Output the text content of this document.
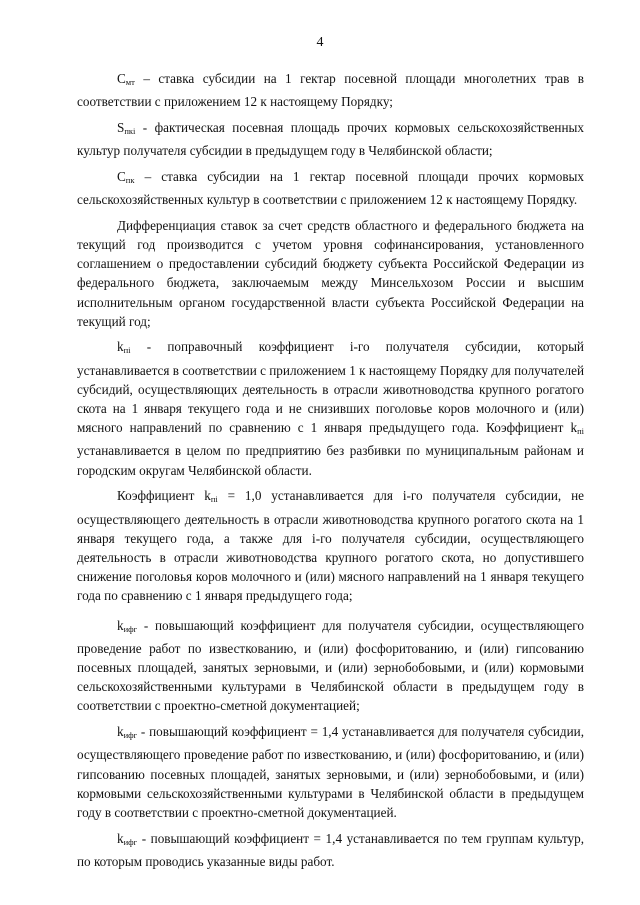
4

$С_{мт}$ – ставка субсидии на 1 гектар посевной площади многолетних трав в соответствии с приложением 12 к настоящему Порядку;

$S_{пкi}$ - фактическая посевная площадь прочих кормовых сельскохозяйственных культур получателя субсидии в предыдущем году в Челябинской области;

$С_{пк}$ – ставка субсидии на 1 гектар посевной площади прочих кормовых сельскохозяйственных культур в соответствии с приложением 12 к настоящему Порядку.

Дифференциация ставок за счет средств областного и федерального бюджета на текущий год производится с учетом уровня софинансирования, установленного соглашением о предоставлении субсидий бюджету субъекта Российской Федерации из федерального бюджета, заключаемым между Минсельхозом России и высшим исполнительным органом государственной власти субъекта Российской Федерации на текущий год;

$k_{пi}$ - поправочный коэффициент i-го получателя субсидии, который устанавливается в соответствии с приложением 1 к настоящему Порядку для получателей субсидий, осуществляющих деятельность в отрасли животноводства крупного рогатого скота на 1 января текущего года и не снизивших поголовье коров молочного и (или) мясного направлений по сравнению с 1 января предыдущего года. Коэффициент $k_{пi}$ устанавливается в целом по предприятию без разбивки по муниципальным районам и городским округам Челябинской области.

Коэффициент $k_{пi} = 1,0$ устанавливается для i-го получателя субсидии, не осуществляющего деятельность в отрасли животноводства крупного рогатого скота на 1 января текущего года, а также для i-го получателя субсидии, осуществляющего деятельность в отрасли животноводства крупного рогатого скота, но допустившего снижение поголовья коров молочного и (или) мясного направлений на 1 января текущего года по сравнению с 1 января предыдущего года;

$k_{ифг}$ - повышающий коэффициент для получателя субсидии, осуществляющего проведение работ по известкованию, и (или) фосфоритованию, и (или) гипсованию посевных площадей, занятых зерновыми, и (или) зернобобовыми, и (или) кормовыми сельскохозяйственными культурами в Челябинской области в предыдущем году в соответствии с проектно-сметной документацией;

$k_{ифг}$ - повышающий коэффициент = 1,4 устанавливается для получателя субсидии, осуществляющего проведение работ по известкованию, и (или) фосфоритованию, и (или) гипсованию посевных площадей, занятых зерновыми, и (или) зернобобовыми, и (или) кормовыми сельскохозяйственными культурами в Челябинской области в предыдущем году в соответствии с проектно-сметной документацией.

$k_{ифг}$ - повышающий коэффициент = 1,4 устанавливается по тем группам культур, по которым проводись указанные виды работ.
